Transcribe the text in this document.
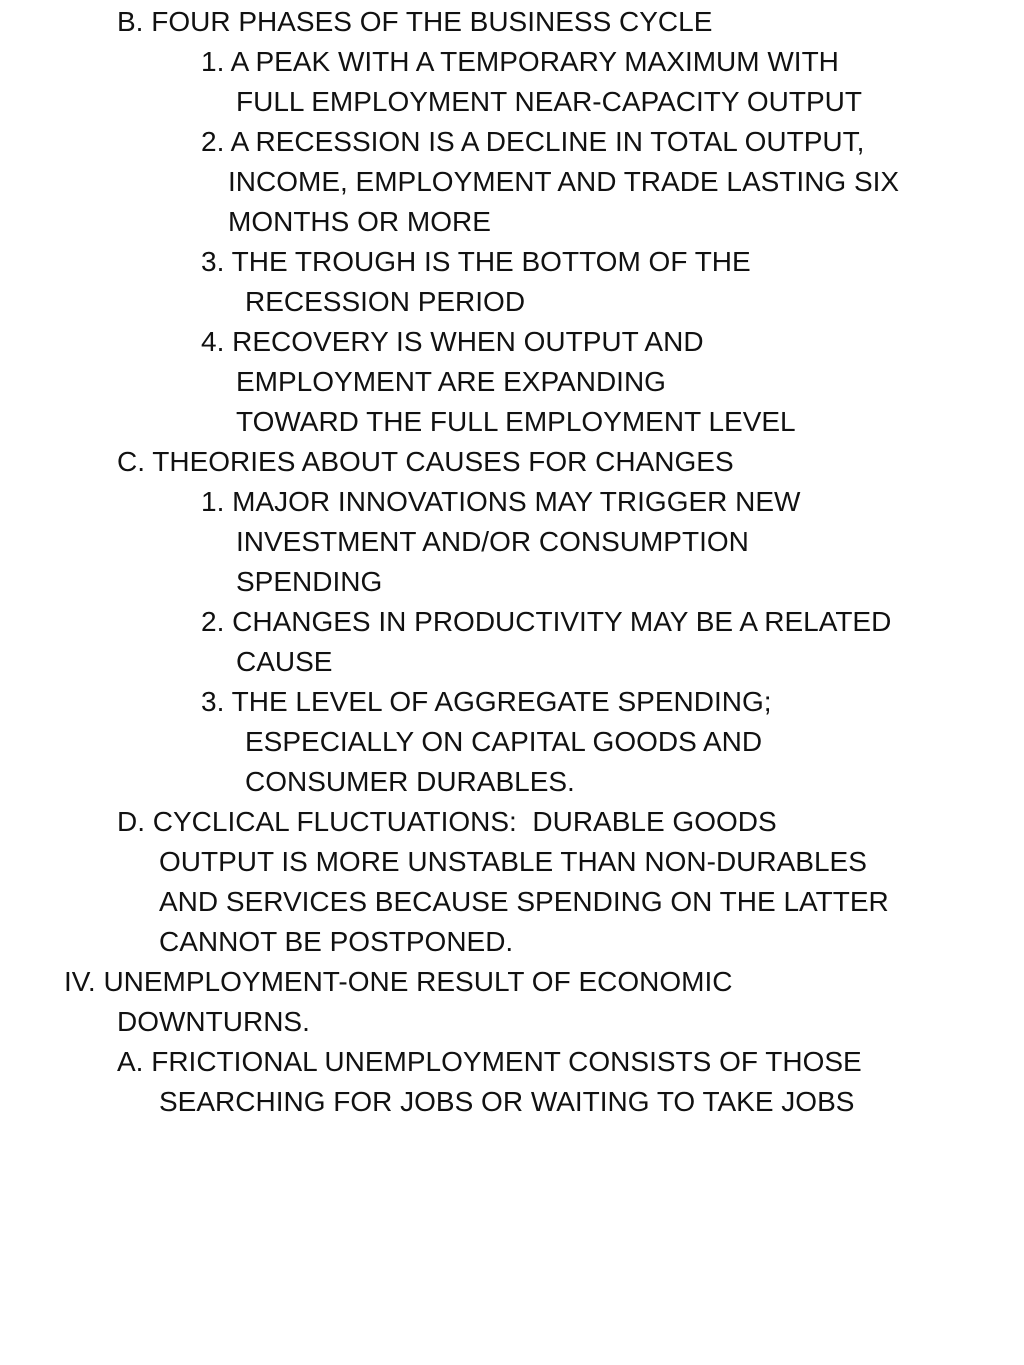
B. FOUR PHASES OF THE BUSINESS CYCLE
1. A PEAK WITH A TEMPORARY MAXIMUM WITH
FULL EMPLOYMENT NEAR-CAPACITY OUTPUT
2. A RECESSION IS A DECLINE IN TOTAL OUTPUT,
INCOME, EMPLOYMENT AND TRADE LASTING SIX
MONTHS OR MORE
3. THE TROUGH IS THE BOTTOM OF THE
RECESSION PERIOD
4. RECOVERY IS WHEN OUTPUT AND
EMPLOYMENT ARE EXPANDING
TOWARD THE FULL EMPLOYMENT LEVEL
C. THEORIES ABOUT CAUSES FOR CHANGES
1. MAJOR INNOVATIONS MAY TRIGGER NEW
INVESTMENT AND/OR CONSUMPTION
SPENDING
2. CHANGES IN PRODUCTIVITY MAY BE A RELATED
CAUSE
3. THE LEVEL OF AGGREGATE SPENDING;
ESPECIALLY ON CAPITAL GOODS AND
CONSUMER DURABLES.
D. CYCLICAL FLUCTUATIONS:  DURABLE GOODS
OUTPUT IS MORE UNSTABLE THAN NON-DURABLES
AND SERVICES BECAUSE SPENDING ON THE LATTER
CANNOT BE POSTPONED.
IV. UNEMPLOYMENT-ONE RESULT OF ECONOMIC
DOWNTURNS.
A. FRICTIONAL UNEMPLOYMENT CONSISTS OF THOSE
SEARCHING FOR JOBS OR WAITING TO TAKE JOBS
